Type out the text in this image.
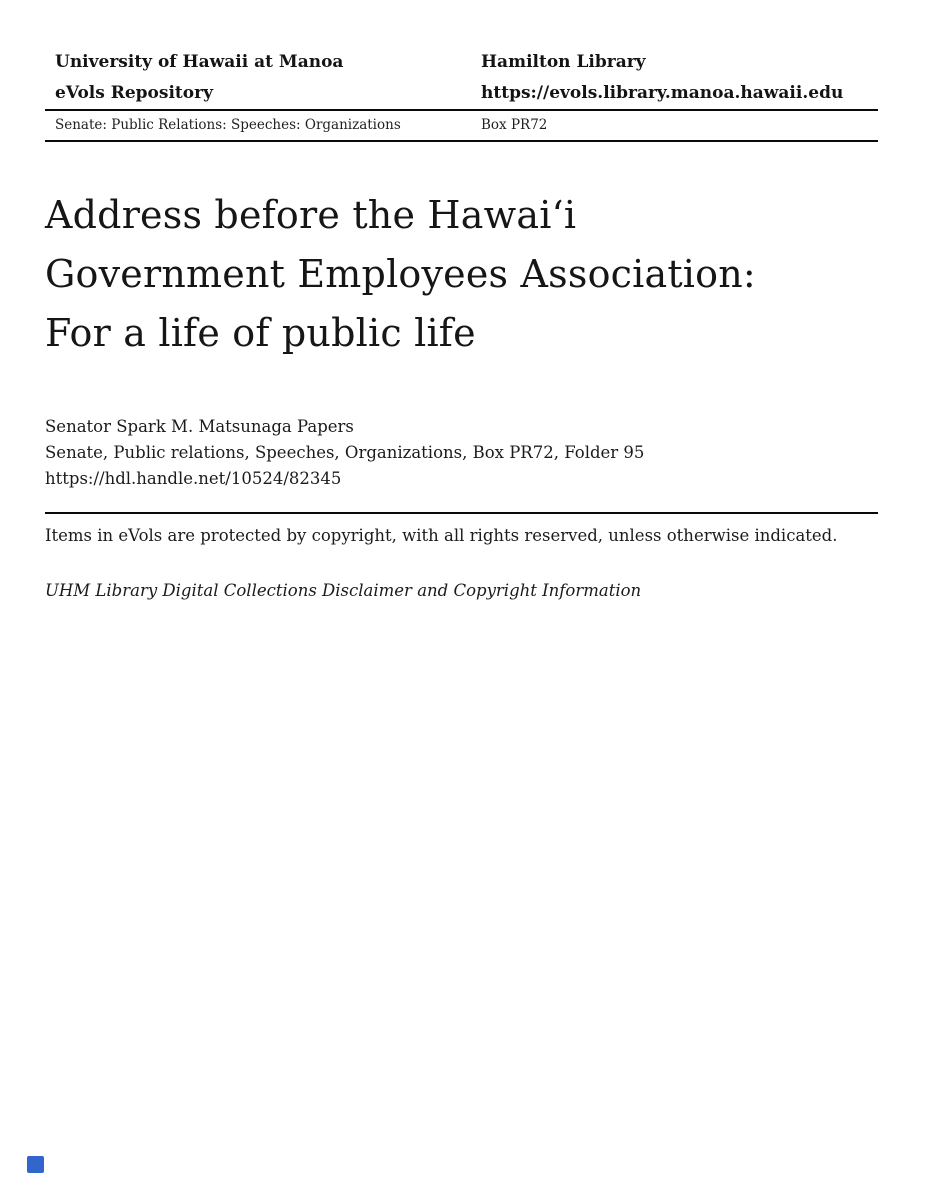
University of Hawaii at Manoa	Hamilton Library
eVols Repository	https://evols.library.manoa.hawaii.edu
Senate: Public Relations: Speeches: Organizations	Box PR72
Address before the Hawaiʻi
Government Employees Association:
For a life of public life
Senator Spark M. Matsunaga Papers
Senate, Public relations, Speeches, Organizations, Box PR72, Folder 95
https://hdl.handle.net/10524/82345
Items in eVols are protected by copyright, with all rights reserved, unless otherwise indicated.
UHM Library Digital Collections Disclaimer and Copyright Information
